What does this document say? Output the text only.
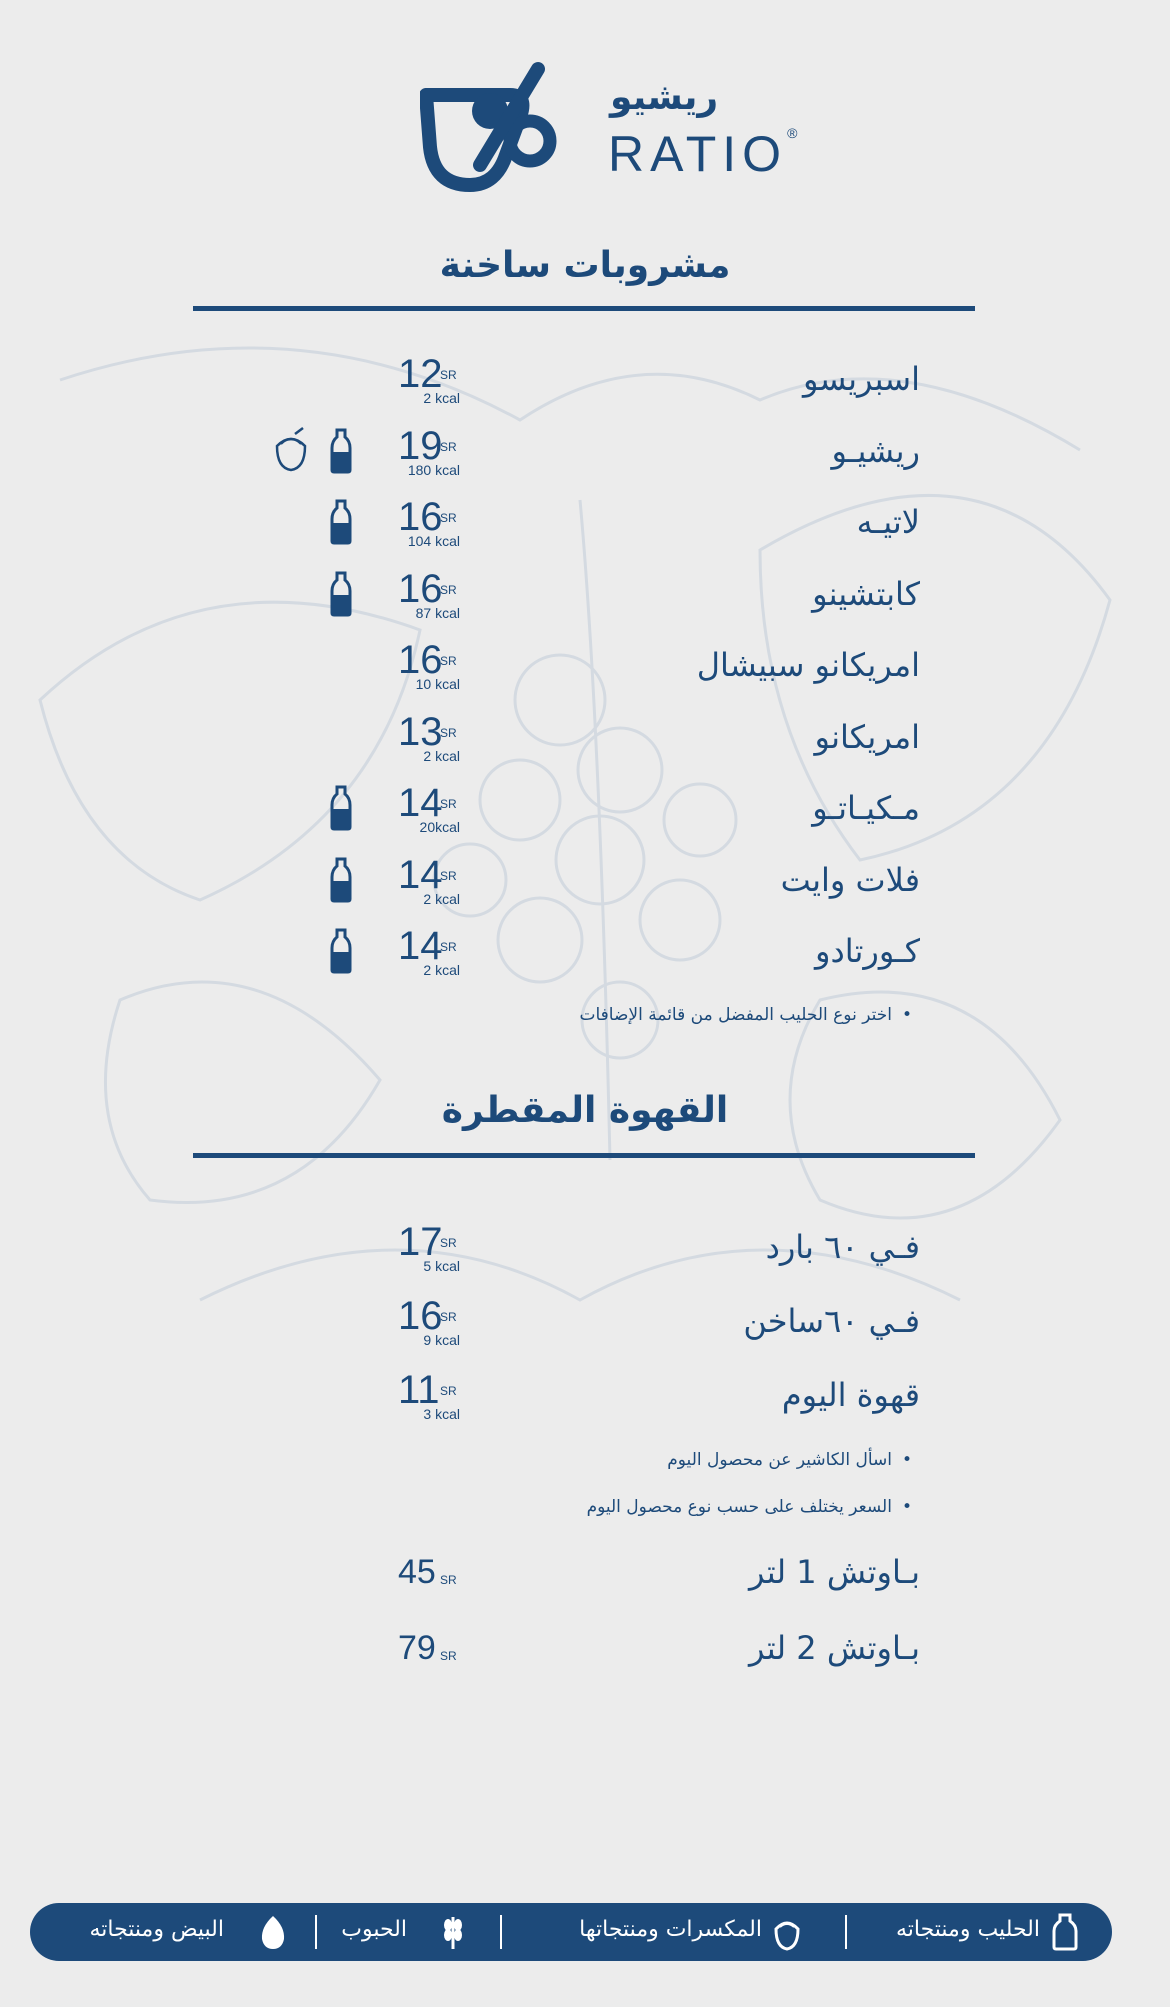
ريشيو
RATIO®
مشروبات ساخنة
اسبريسو
12
SR
2 kcal
ريشيـو
19
SR
180 kcal
لاتيـه
16
SR
104 kcal
كابتشينو
16
SR
87 kcal
امريكانو سبيشال
16
SR
10 kcal
امريكانو
13
SR
2 kcal
مـكيـاتـو
14
SR
20kcal
فلات وايت
14
SR
2 kcal
كـورتادو
14
SR
2 kcal
•اختر نوع الحليب المفضل من قائمة الإضافات
القهوة المقطرة
فـي ٦٠ بارد
17
SR
5 kcal
فـي ٦٠ساخن
16
SR
9 kcal
قهوة اليوم
11 SR
3 kcal
•اسأل الكاشير عن محصول اليوم
•السعر يختلف على حسب نوع محصول اليوم
بـاوتش 1 لتر
45 SR
بـاوتش 2 لتر
79 SR
الحليب ومنتجاته
المكسرات ومنتجاتها
الحبوب
البيض ومنتجاته
